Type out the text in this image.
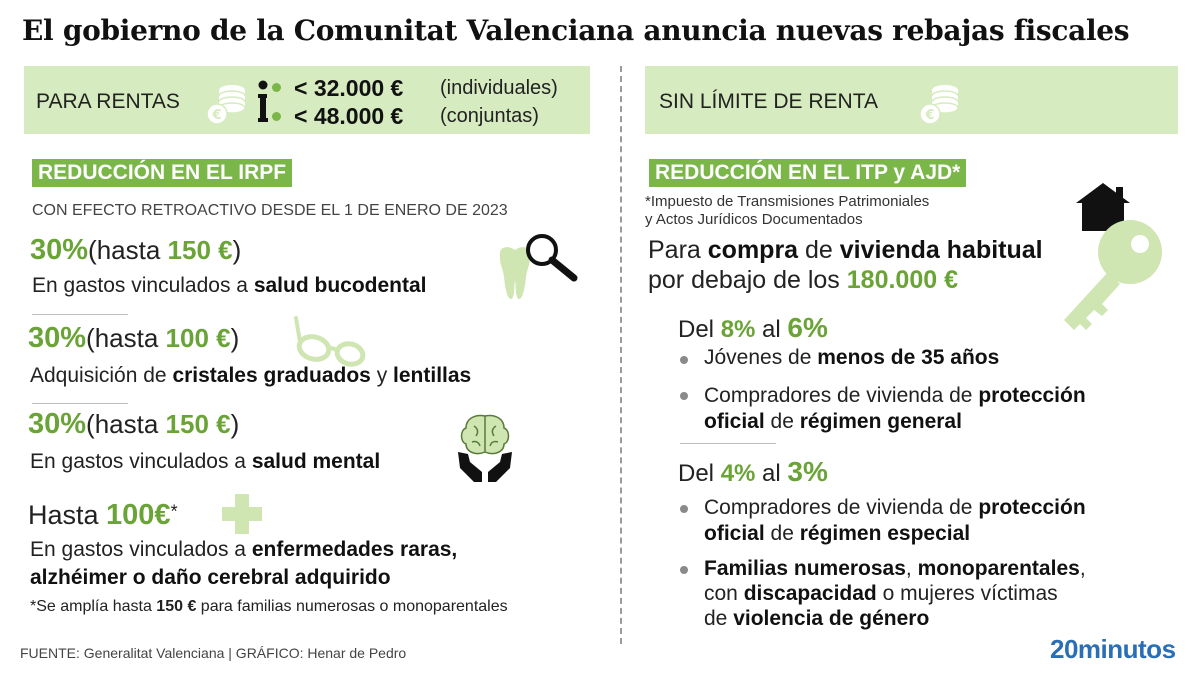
El gobierno de la Comunitat Valenciana anuncia nuevas rebajas fiscales
PARA RENTAS
€
< 32.000 € (individuales)
< 48.000 € (conjuntas)
SIN LÍMITE DE RENTA
€
REDUCCIÓN EN EL IRPF
CON EFECTO RETROACTIVO DESDE EL 1 DE ENERO DE 2023
30%(hasta 150 €)
En gastos vinculados a salud bucodental
30%(hasta 100 €)
Adquisición de cristales graduados y lentillas
30%(hasta 150 €)
En gastos vinculados a salud mental
Hasta 100€*
En gastos vinculados a enfermedades raras,
alzhéimer o daño cerebral adquirido
*Se amplía hasta 150 € para familias numerosas o monoparentales
FUENTE: Generalitat Valenciana | GRÁFICO: Henar de Pedro
REDUCCIÓN EN EL ITP y AJD*
*Impuesto de Transmisiones Patrimoniales
y Actos Jurídicos Documentados
Para compra de vivienda habitual
por debajo de los 180.000 €
Del 8% al 6%
Jóvenes de menos de 35 años
Compradores de vivienda de protección
oficial de régimen general
Del 4% al 3%
Compradores de vivienda de protección
oficial de régimen especial
Familias numerosas, monoparentales,
con discapacidad o mujeres víctimas
de violencia de género
20minutos
